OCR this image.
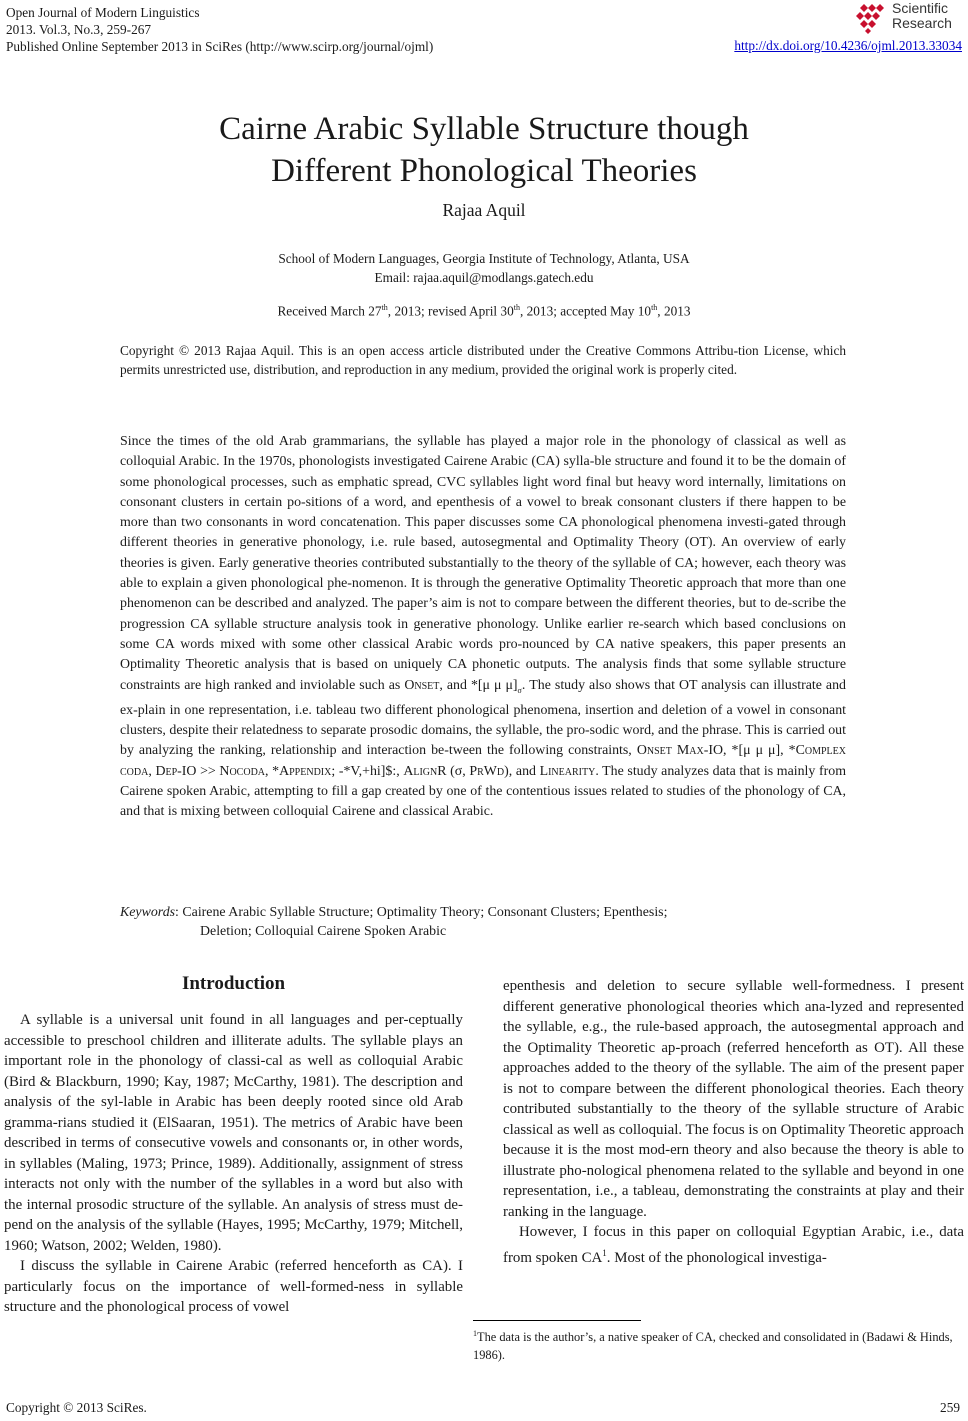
Open Journal of Modern Linguistics
2013. Vol.3, No.3, 259-267
Published Online September 2013 in SciRes (http://www.scirp.org/journal/ojml)	http://dx.doi.org/10.4236/ojml.2013.33034
Scientific
Research
Cairne Arabic Syllable Structure though
Different Phonological Theories
Rajaa Aquil
School of Modern Languages, Georgia Institute of Technology, Atlanta, USA
Email: rajaa.aquil@modlangs.gatech.edu
Received March 27th, 2013; revised April 30th, 2013; accepted May 10th, 2013
Copyright © 2013 Rajaa Aquil. This is an open access article distributed under the Creative Commons Attribu-tion License, which permits unrestricted use, distribution, and reproduction in any medium, provided the original work is properly cited.
Since the times of the old Arab grammarians, the syllable has played a major role in the phonology of classical as well as colloquial Arabic. In the 1970s, phonologists investigated Cairene Arabic (CA) sylla-ble structure and found it to be the domain of some phonological processes, such as emphatic spread, CVC syllables light word final but heavy word internally, limitations on consonant clusters in certain po-sitions of a word, and epenthesis of a vowel to break consonant clusters if there happen to be more than two consonants in word concatenation. This paper discusses some CA phonological phenomena investi-gated through different theories in generative phonology, i.e. rule based, autosegmental and Optimality Theory (OT). An overview of early theories is given. Early generative theories contributed substantially to the theory of the syllable of CA; however, each theory was able to explain a given phonological phe-nomenon. It is through the generative Optimality Theoretic approach that more than one phenomenon can be described and analyzed. The paper’s aim is not to compare between the different theories, but to de-scribe the progression CA syllable structure analysis took in generative phonology. Unlike earlier re-search which based conclusions on some CA words mixed with some other classical Arabic words pro-nounced by CA native speakers, this paper presents an Optimality Theoretic analysis that is based on uniquely CA phonetic outputs. The analysis finds that some syllable structure constraints are high ranked and inviolable such as Onset, and *[μ μ $\mu]_\sigma$. The study also shows that OT analysis can illustrate and ex-plain in one representation, i.e. tableau two different phonological phenomena, insertion and deletion of a vowel in consonant clusters, despite their relatedness to separate prosodic domains, the syllable, the pro-sodic word, and the phrase. This is carried out by analyzing the ranking, relationship and interaction be-tween the following constraints, Onset Max-IO, *[μ μ μ], *Complex coda, Dep-IO >> Nocoda, *Appendix; -*V,+hi]$:, AlignR (σ, PrWd), and Linearity. The study analyzes data that is mainly from Cairene spoken Arabic, attempting to fill a gap created by one of the contentious issues related to studies of the phonology of CA, and that is mixing between colloquial Cairene and classical Arabic.
Keywords: Cairene Arabic Syllable Structure; Optimality Theory; Consonant Clusters; Epenthesis;
Deletion; Colloquial Cairene Spoken Arabic
Introduction

A syllable is a universal unit found in all languages and per-ceptually accessible to preschool children and illiterate adults. The syllable plays an important role in the phonology of classi-cal as well as colloquial Arabic (Bird & Blackburn, 1990; Kay, 1987; McCarthy, 1981). The description and analysis of the syl-lable in Arabic has been deeply rooted since old Arab gramma-rians studied it (ElSaaran, 1951). The metrics of Arabic have been described in terms of consecutive vowels and consonants or, in other words, in syllables (Maling, 1973; Prince, 1989). Additionally, assignment of stress interacts not only with the number of the syllables in a word but also with the internal prosodic structure of the syllable. An analysis of stress must de-pend on the analysis of the syllable (Hayes, 1995; McCarthy, 1979; Mitchell, 1960; Watson, 2002; Welden, 1980).

I discuss the syllable in Cairene Arabic (referred henceforth as CA). I particularly focus on the importance of well-formed-ness in syllable structure and the phonological process of vowel

epenthesis and deletion to secure syllable well-formedness. I present different generative phonological theories which ana-lyzed and represented the syllable, e.g., the rule-based approach, the autosegmental approach and the Optimality Theoretic ap-proach (referred henceforth as OT). All these approaches added to the theory of the syllable. The aim of the present paper is not to compare between the different phonological theories. Each theory contributed substantially to the theory of the syllable structure of Arabic classical as well as colloquial. The focus is on Optimality Theoretic approach because it is the most mod-ern theory and also because the theory is able to illustrate pho-nological phenomena related to the syllable and beyond in one representation, i.e., a tableau, demonstrating the constraints at play and their ranking in the language.

However, I focus in this paper on colloquial Egyptian Arabic, i.e., data from spoken $CA^1$. Most of the phonological investiga-

$^1$The data is the author’s, a native speaker of CA, checked and consolidated in (Badawi & Hinds, 1986).
Copyright © 2013 SciRes.	259
